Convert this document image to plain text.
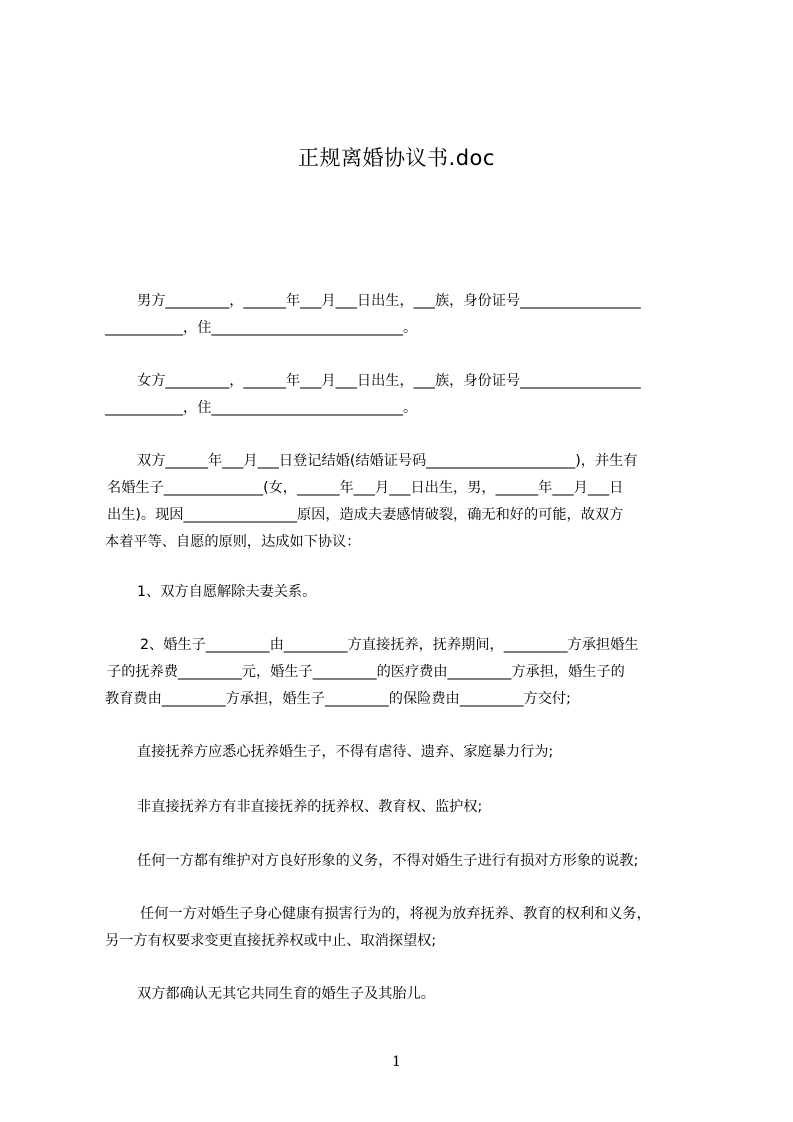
正规离婚协议书.doc
男方_________，______年___月___日出生，___族，身份证号_________________
___________，住___________________________。
女方_________，______年___月___日出生，___族，身份证号_________________
___________，住___________________________。
双方______年___月___日登记结婚(结婚证号码_____________________)，并生有
名婚生子______________(女，______年___月___日出生，男，______年___月___日
出生)。现因________________原因，造成夫妻感情破裂，确无和好的可能，故双方
本着平等、自愿的原则，达成如下协议：
1、双方自愿解除夫妻关系。
2、婚生子_________由_________方直接抚养，抚养期间，_________方承担婚生
子的抚养费_________元，婚生子_________的医疗费由_________方承担，婚生子的
教育费由_________方承担，婚生子_________的保险费由_________方交付;
直接抚养方应悉心抚养婚生子，不得有虐待、遗弃、家庭暴力行为;
非直接抚养方有非直接抚养的抚养权、教育权、监护权;
任何一方都有维护对方良好形象的义务，不得对婚生子进行有损对方形象的说教;
任何一方对婚生子身心健康有损害行为的，将视为放弃抚养、教育的权利和义务，
另一方有权要求变更直接抚养权或中止、取消探望权;
双方都确认无其它共同生育的婚生子及其胎儿。
1
